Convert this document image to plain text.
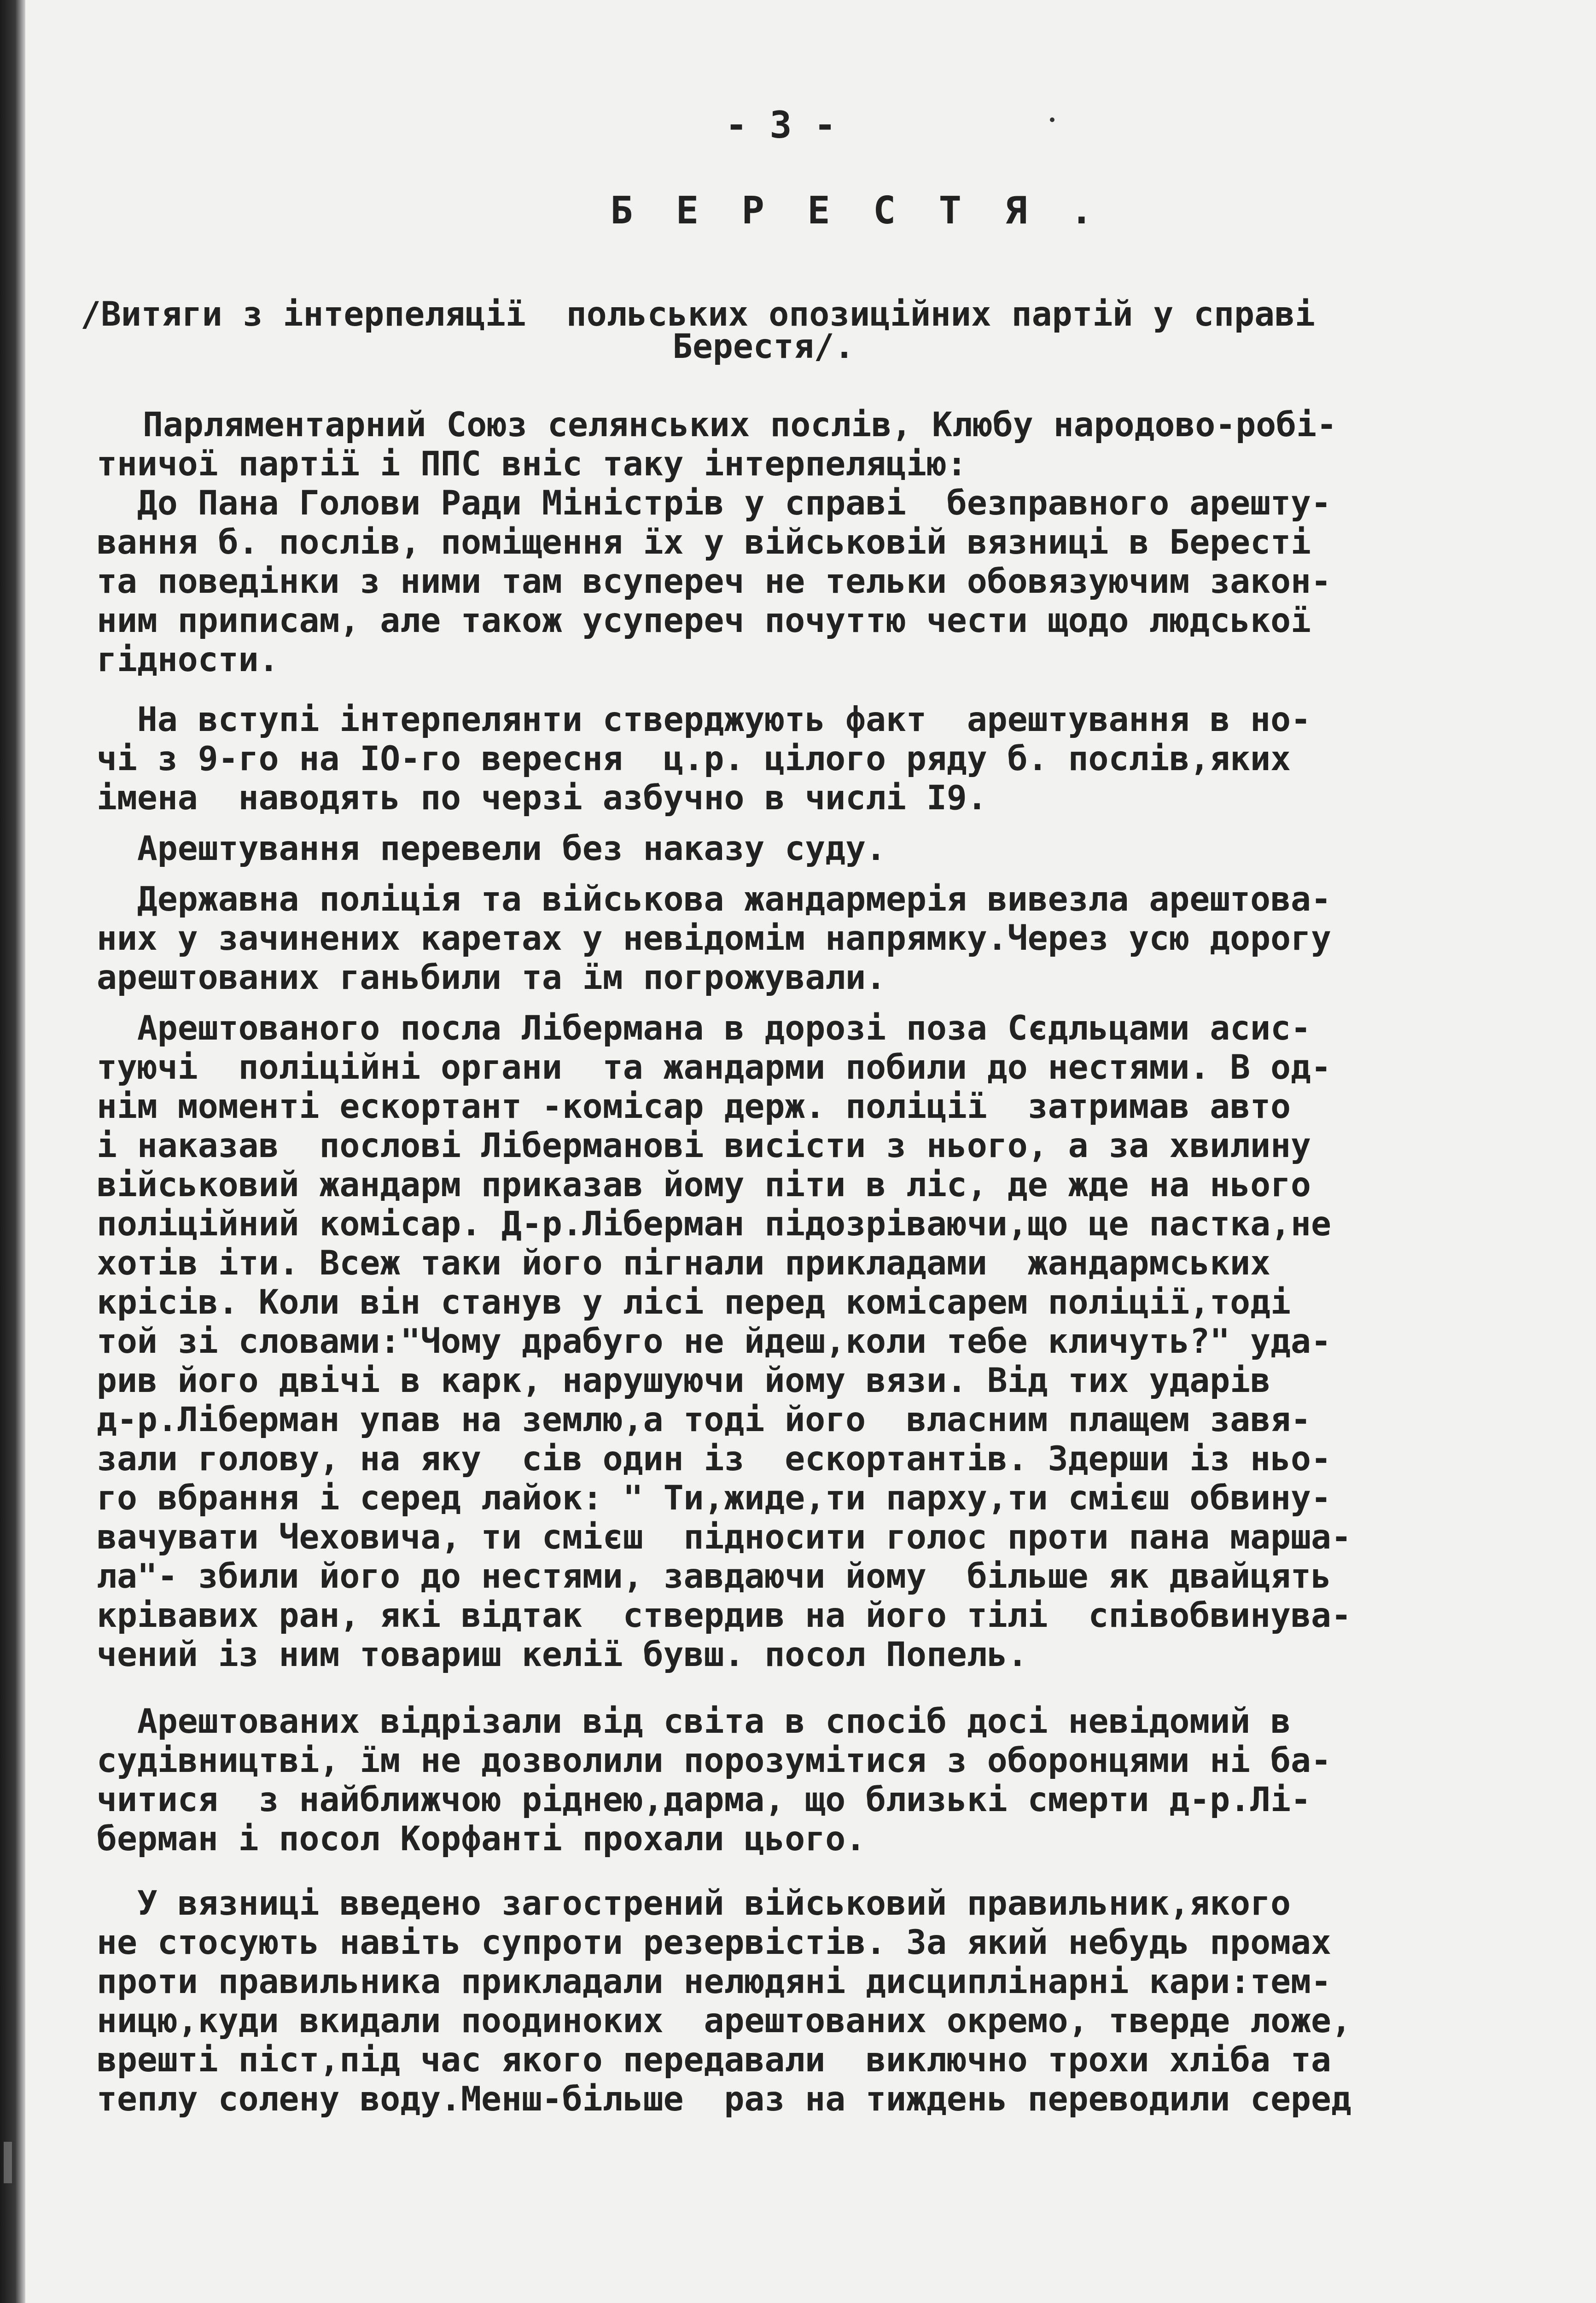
- 3 -
Б Е Р Е С Т Я .

/Витяги з інтерпеляції  польських опозиційних партій у справі

Берестя/.

Парляментарний Союз селянських послів, Клюбу народово-робі-

тничої партії і ППС вніс таку інтерпеляцію:

До Пана Голови Ради Міністрів у справі  безправного арешту-

вання б. послів, поміщення їх у військовій вязниці в Бересті

та поведінки з ними там всупереч не тельки обовязуючим закон-

ним приписам, але також усупереч почуттю чести щодо людської

гідности.

На вступі інтерпелянти стверджують факт  арештування в но-

чі з 9-го на IO-го вересня  ц.р. цілого ряду б. послів,яких

імена  наводять по черзі азбучно в числі I9.

Арештування перевели без наказу суду.

Державна поліція та військова жандармерія вивезла арештова-

них у зачинених каретах у невідомім напрямку.Через усю дорогу

арештованих ганьбили та їм погрожували.

Арештованого посла Лібермана в дорозі поза Сєдльцами асис-

туючі  поліційні органи  та жандарми побили до нестями. В од-

нім моменті ескортант -комісар держ. поліції  затримав авто

і наказав  послові Ліберманові висісти з нього, а за хвилину

військовий жандарм приказав йому піти в ліс, де жде на нього

поліційний комісар. Д-р.Ліберман підозріваючи,що це пастка,не

хотів іти. Всеж таки його пігнали прикладами  жандармських

крісів. Коли він станув у лісі перед комісарем поліції,тоді

той зі словами:"Чому драбуго не йдеш,коли тебе кличуть?" уда-

рив його двічі в карк, нарушуючи йому вязи. Від тих ударів

д-р.Ліберман упав на землю,а тоді його  власним плащем завя-

зали голову, на яку  сів один із  ескортантів. Здерши із ньо-

го вбрання і серед лайок: " Ти,жиде,ти парху,ти смієш обвину-

вачувати Чеховича, ти смієш  підносити голос проти пана марша-

ла"- збили його до нестями, завдаючи йому  більше як двайцять

крівавих ран, які відтак  ствердив на його тілі  співобвинува-

чений із ним товариш келії бувш. посол Попель.

Арештованих відрізали від світа в спосіб досі невідомий в

судівництві, їм не дозволили порозумітися з оборонцями ні ба-

читися  з найближчою ріднею,дарма, що близькі смерти д-р.Лі-

берман і посол Корфанті прохали цього.

У вязниці введено загострений військовий правильник,якого

не стосують навіть супроти резервістів. За який небудь промах

проти правильника прикладали нелюдяні дисциплінарні кари:тем-

ницю,куди вкидали поодиноких  арештованих окремо, тверде ложе,

врешті піст,під час якого передавали  виключно трохи хліба та

теплу солену воду.Менш-більше  раз на тиждень переводили серед
